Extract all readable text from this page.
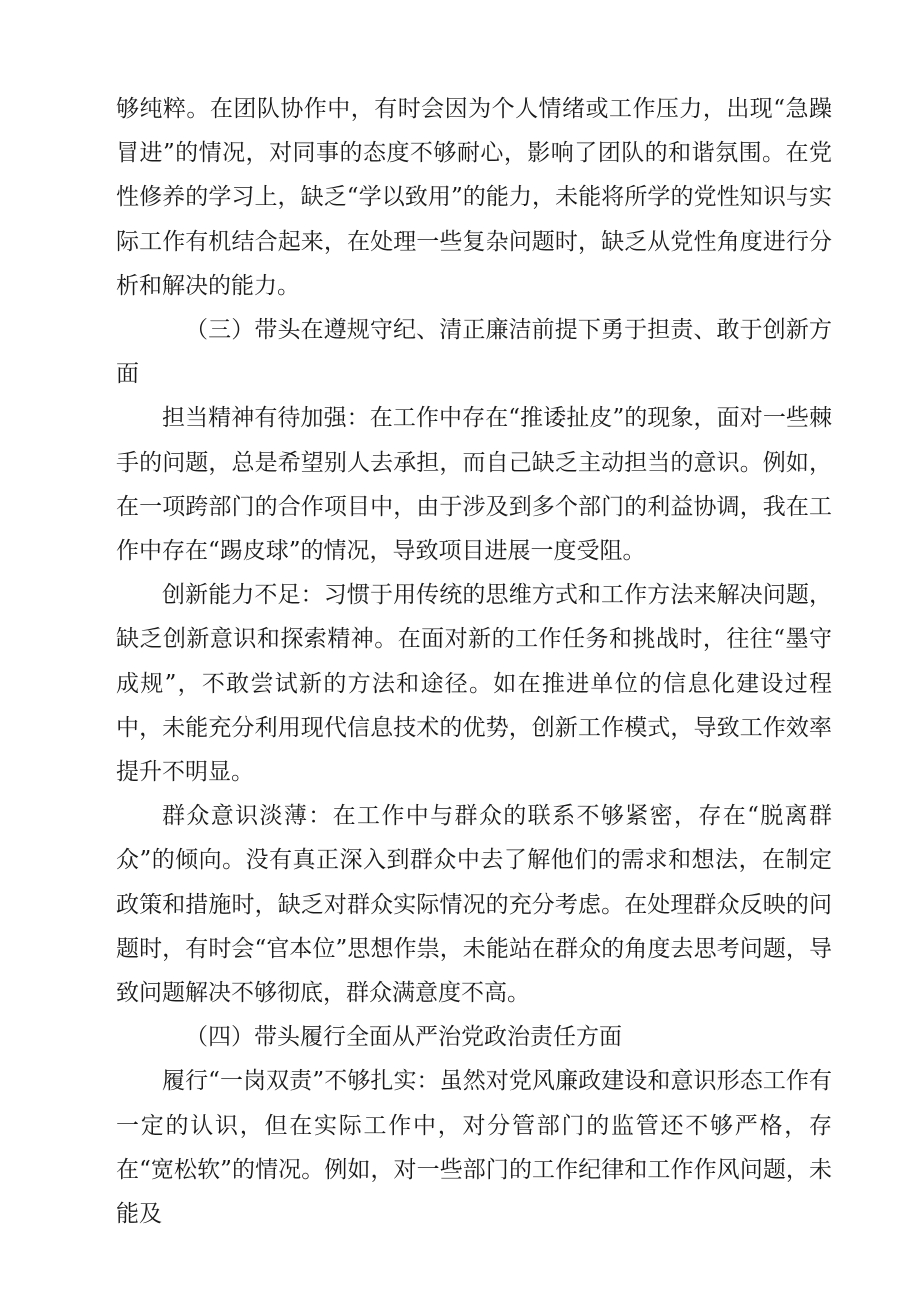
够纯粹。在团队协作中，有时会因为个人情绪或工作压力，出现“急躁冒进”的情况，对同事的态度不够耐心，影响了团队的和谐氛围。在党性修养的学习上，缺乏“学以致用”的能力，未能将所学的党性知识与实际工作有机结合起来，在处理一些复杂问题时，缺乏从党性角度进行分析和解决的能力。

（三）带头在遵规守纪、清正廉洁前提下勇于担责、敢于创新方面

担当精神有待加强：在工作中存在“推诿扯皮”的现象，面对一些棘手的问题，总是希望别人去承担，而自己缺乏主动担当的意识。例如，在一项跨部门的合作项目中，由于涉及到多个部门的利益协调，我在工作中存在“踢皮球”的情况，导致项目进展一度受阻。

创新能力不足：习惯于用传统的思维方式和工作方法来解决问题，缺乏创新意识和探索精神。在面对新的工作任务和挑战时，往往“墨守成规”，不敢尝试新的方法和途径。如在推进单位的信息化建设过程中，未能充分利用现代信息技术的优势，创新工作模式，导致工作效率提升不明显。

群众意识淡薄：在工作中与群众的联系不够紧密，存在“脱离群众”的倾向。没有真正深入到群众中去了解他们的需求和想法，在制定政策和措施时，缺乏对群众实际情况的充分考虑。在处理群众反映的问题时，有时会“官本位”思想作祟，未能站在群众的角度去思考问题，导致问题解决不够彻底，群众满意度不高。

（四）带头履行全面从严治党政治责任方面

履行“一岗双责”不够扎实：虽然对党风廉政建设和意识形态工作有一定的认识，但在实际工作中，对分管部门的监管还不够严格，存在“宽松软”的情况。例如，对一些部门的工作纪律和工作作风问题，未能及
